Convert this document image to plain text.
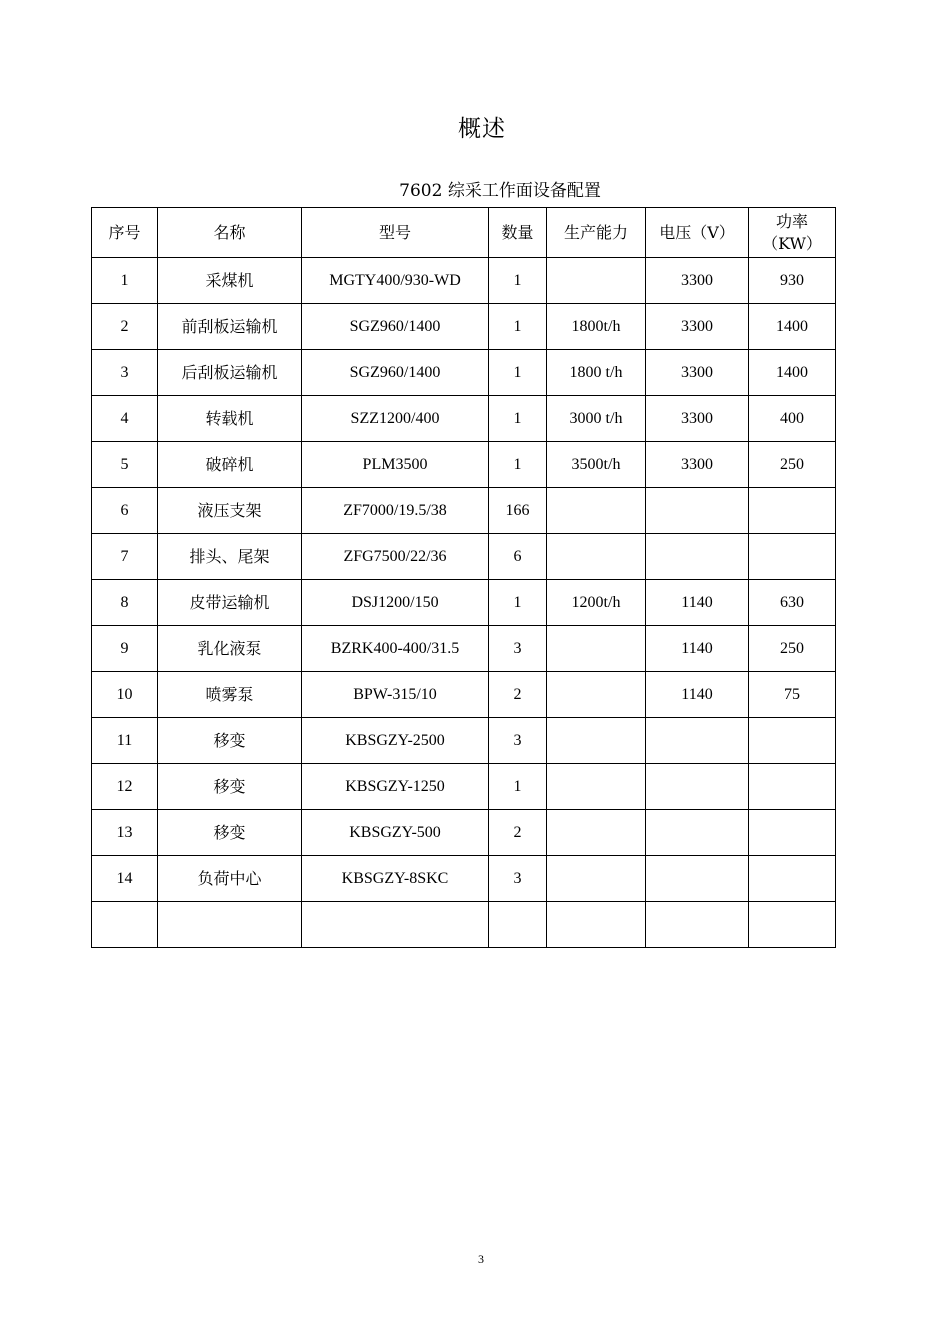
概述
7602 综采工作面设备配置
序号	名称	型号	数量	生产能力	电压（V）	功率
（KW）

1	采煤机	MGTY400/930-WD	1		3300	930
2	前刮板运输机	SGZ960/1400	1	1800t/h	3300	1400
3	后刮板运输机	SGZ960/1400	1	1800 t/h	3300	1400
4	转载机	SZZ1200/400	1	3000 t/h	3300	400
5	破碎机	PLM3500	1	3500t/h	3300	250
6	液压支架	ZF7000/19.5/38	166			
7	排头、尾架	ZFG7500/22/36	6			
8	皮带运输机	DSJ1200/150	1	1200t/h	1140	630
9	乳化液泵	BZRK400-400/31.5	3		1140	250
10	喷雾泵	BPW-315/10	2		1140	75
11	移变	KBSGZY-2500	3			
12	移变	KBSGZY-1250	1			
13	移变	KBSGZY-500	2			
14	负荷中心	KBSGZY-8SKC	3			

3
